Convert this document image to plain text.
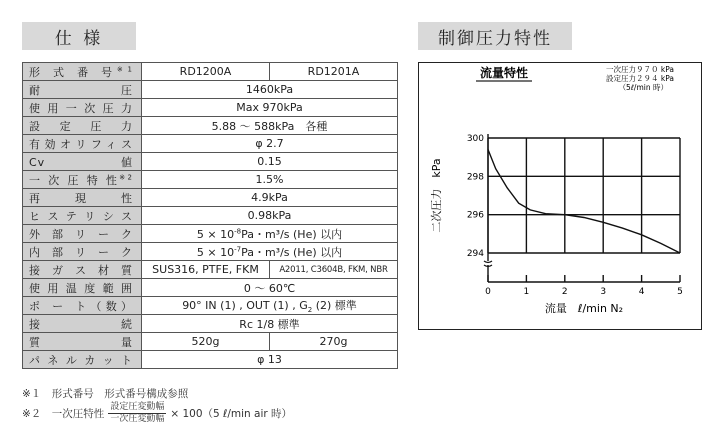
仕 様	制御圧力特性
形 式 番 号$^{※1}$	RD1200A	RD1201A
耐　　　圧	1460kPa	
使用一次圧力	Max 970kPa	
設 定 圧 力	5.88 ～ 588kPa　各種	
有効オリフィス	φ 2.7	
Cv　　値	0.15	
一 次 圧 特 性$^{※2}$	1.5%	
再　現　性	4.9kPa	
ヒステリシス	0.98kPa	
外 部 リ ー ク	$5 \times 10^{-8}Pa$・m³/s (He) 以内	
内 部 リ ー ク	$5 \times 10^{-7}Pa$・m³/s (He) 以内	
接 ガ ス 材 質	SUS316, PTFE, FKM	A2011, C3604B, FKM, NBR
使用温度範囲	0 ～ 60℃	
ポ ー ト（数）	90° IN (1) , OUT (1) , $G_2$ (2) 標準	
接　　　続	Rc 1/8 標準	
質　　　量	520g	270g
パネルカット	φ 13	
※１　形式番号　形式番号構成参照
※２　一次圧特性 $\frac{\text{設定圧変動幅}}{\text{一次圧変動幅}} \times 100(5$ ℓ/min air 時）
流量特性	一次圧力９７０ kPa
設定圧力２９４ kPa
（5ℓ/min 時）
0	1	2	3	4	5
294
296
298
300
二次圧力　kPa
流量　ℓ/min N₂
